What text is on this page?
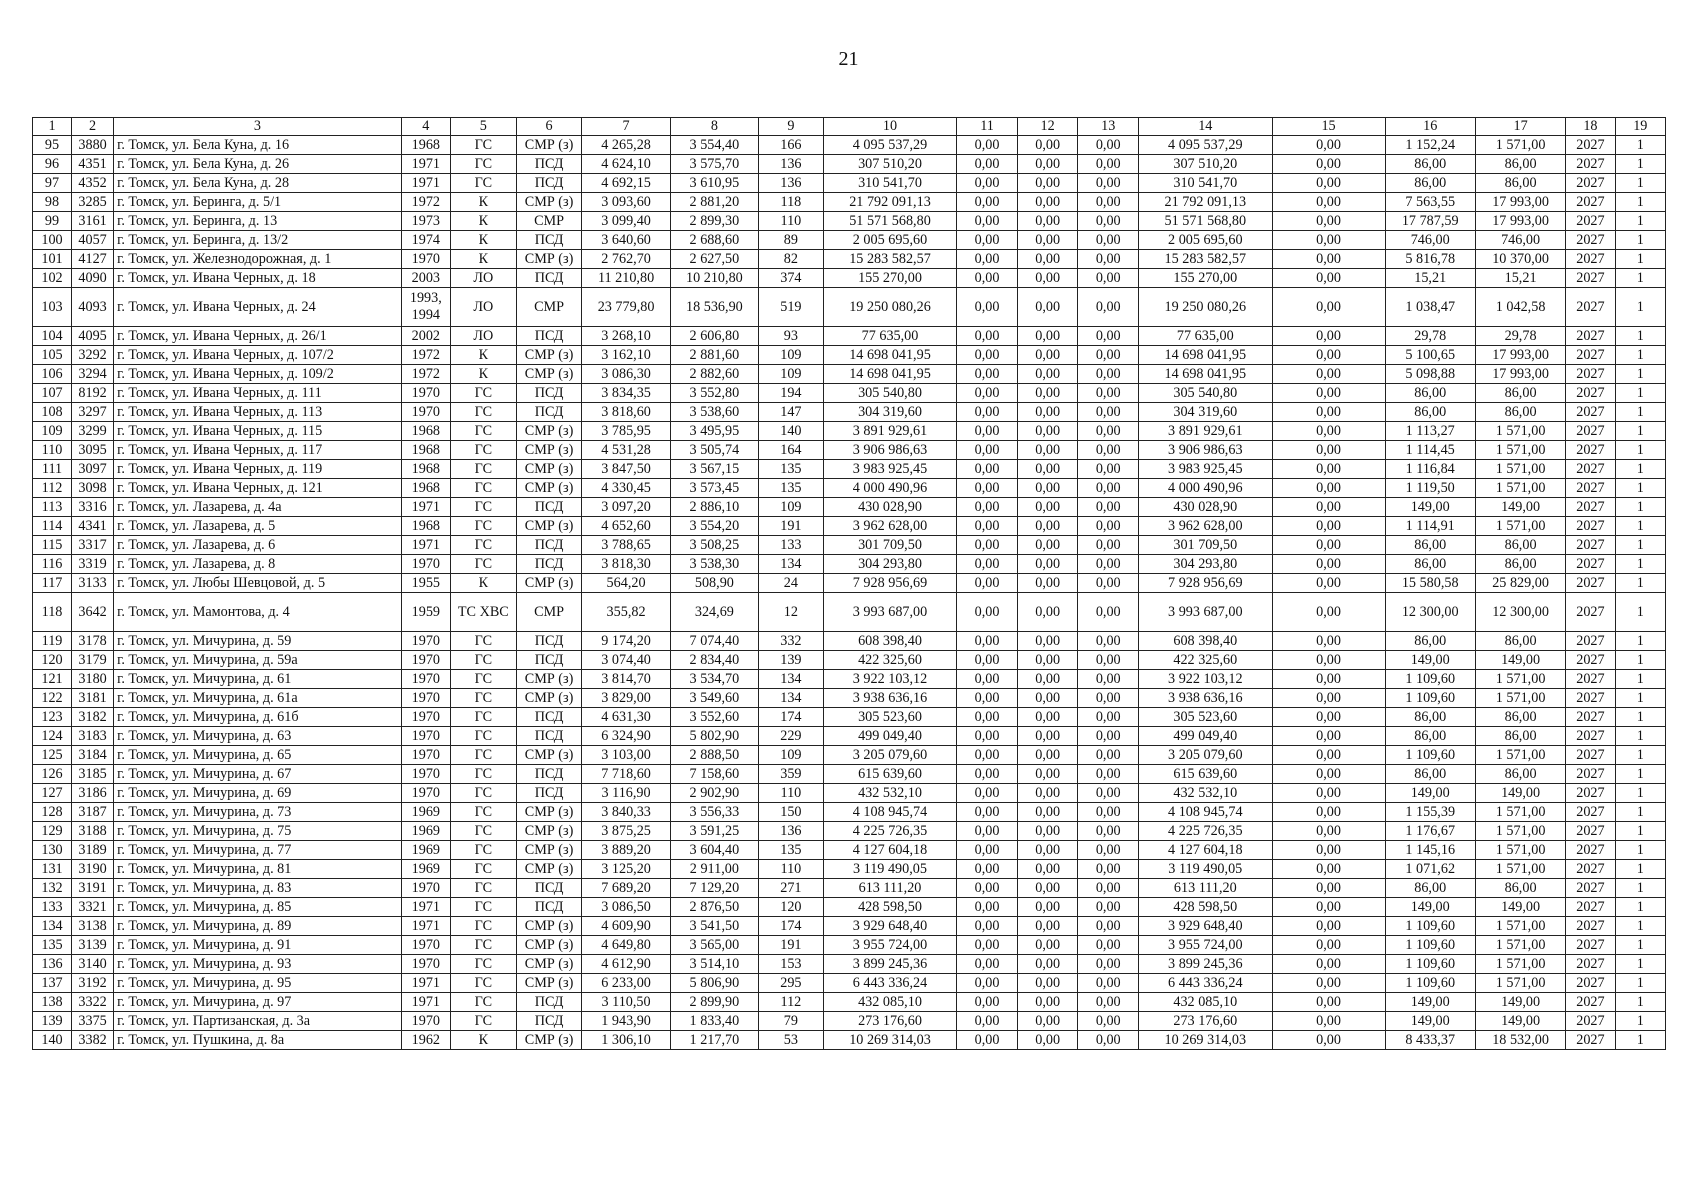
21
1	2	3	4	5	6	7	8	9	10	11	12	13	14	15	16	17	18	19
95	3880	г. Томск, ул. Бела Куна, д. 16	1968	ГС	СМР (з)	4 265,28	3 554,40	166	4 095 537,29	0,00	0,00	0,00	4 095 537,29	0,00	1 152,24	1 571,00	2027	1
96	4351	г. Томск, ул. Бела Куна, д. 26	1971	ГС	ПСД	4 624,10	3 575,70	136	307 510,20	0,00	0,00	0,00	307 510,20	0,00	86,00	86,00	2027	1
97	4352	г. Томск, ул. Бела Куна, д. 28	1971	ГС	ПСД	4 692,15	3 610,95	136	310 541,70	0,00	0,00	0,00	310 541,70	0,00	86,00	86,00	2027	1
98	3285	г. Томск, ул. Беринга, д. 5/1	1972	К	СМР (з)	3 093,60	2 881,20	118	21 792 091,13	0,00	0,00	0,00	21 792 091,13	0,00	7 563,55	17 993,00	2027	1
99	3161	г. Томск, ул. Беринга, д. 13	1973	К	СМР	3 099,40	2 899,30	110	51 571 568,80	0,00	0,00	0,00	51 571 568,80	0,00	17 787,59	17 993,00	2027	1
100	4057	г. Томск, ул. Беринга, д. 13/2	1974	К	ПСД	3 640,60	2 688,60	89	2 005 695,60	0,00	0,00	0,00	2 005 695,60	0,00	746,00	746,00	2027	1
101	4127	г. Томск, ул. Железнодорожная, д. 1	1970	К	СМР (з)	2 762,70	2 627,50	82	15 283 582,57	0,00	0,00	0,00	15 283 582,57	0,00	5 816,78	10 370,00	2027	1
102	4090	г. Томск, ул. Ивана Черных, д. 18	2003	ЛО	ПСД	11 210,80	10 210,80	374	155 270,00	0,00	0,00	0,00	155 270,00	0,00	15,21	15,21	2027	1
103	4093	г. Томск, ул. Ивана Черных, д. 24	1993, 1994	ЛО	СМР	23 779,80	18 536,90	519	19 250 080,26	0,00	0,00	0,00	19 250 080,26	0,00	1 038,47	1 042,58	2027	1
104	4095	г. Томск, ул. Ивана Черных, д. 26/1	2002	ЛО	ПСД	3 268,10	2 606,80	93	77 635,00	0,00	0,00	0,00	77 635,00	0,00	29,78	29,78	2027	1
105	3292	г. Томск, ул. Ивана Черных, д. 107/2	1972	К	СМР (з)	3 162,10	2 881,60	109	14 698 041,95	0,00	0,00	0,00	14 698 041,95	0,00	5 100,65	17 993,00	2027	1
106	3294	г. Томск, ул. Ивана Черных, д. 109/2	1972	К	СМР (з)	3 086,30	2 882,60	109	14 698 041,95	0,00	0,00	0,00	14 698 041,95	0,00	5 098,88	17 993,00	2027	1
107	8192	г. Томск, ул. Ивана Черных, д. 111	1970	ГС	ПСД	3 834,35	3 552,80	194	305 540,80	0,00	0,00	0,00	305 540,80	0,00	86,00	86,00	2027	1
108	3297	г. Томск, ул. Ивана Черных, д. 113	1970	ГС	ПСД	3 818,60	3 538,60	147	304 319,60	0,00	0,00	0,00	304 319,60	0,00	86,00	86,00	2027	1
109	3299	г. Томск, ул. Ивана Черных, д. 115	1968	ГС	СМР (з)	3 785,95	3 495,95	140	3 891 929,61	0,00	0,00	0,00	3 891 929,61	0,00	1 113,27	1 571,00	2027	1
110	3095	г. Томск, ул. Ивана Черных, д. 117	1968	ГС	СМР (з)	4 531,28	3 505,74	164	3 906 986,63	0,00	0,00	0,00	3 906 986,63	0,00	1 114,45	1 571,00	2027	1
111	3097	г. Томск, ул. Ивана Черных, д. 119	1968	ГС	СМР (з)	3 847,50	3 567,15	135	3 983 925,45	0,00	0,00	0,00	3 983 925,45	0,00	1 116,84	1 571,00	2027	1
112	3098	г. Томск, ул. Ивана Черных, д. 121	1968	ГС	СМР (з)	4 330,45	3 573,45	135	4 000 490,96	0,00	0,00	0,00	4 000 490,96	0,00	1 119,50	1 571,00	2027	1
113	3316	г. Томск, ул. Лазарева, д. 4а	1971	ГС	ПСД	3 097,20	2 886,10	109	430 028,90	0,00	0,00	0,00	430 028,90	0,00	149,00	149,00	2027	1
114	4341	г. Томск, ул. Лазарева, д. 5	1968	ГС	СМР (з)	4 652,60	3 554,20	191	3 962 628,00	0,00	0,00	0,00	3 962 628,00	0,00	1 114,91	1 571,00	2027	1
115	3317	г. Томск, ул. Лазарева, д. 6	1971	ГС	ПСД	3 788,65	3 508,25	133	301 709,50	0,00	0,00	0,00	301 709,50	0,00	86,00	86,00	2027	1
116	3319	г. Томск, ул. Лазарева, д. 8	1970	ГС	ПСД	3 818,30	3 538,30	134	304 293,80	0,00	0,00	0,00	304 293,80	0,00	86,00	86,00	2027	1
117	3133	г. Томск, ул. Любы Шевцовой, д. 5	1955	К	СМР (з)	564,20	508,90	24	7 928 956,69	0,00	0,00	0,00	7 928 956,69	0,00	15 580,58	25 829,00	2027	1
118	3642	г. Томск, ул. Мамонтова, д. 4	1959	ТС ХВС	СМР	355,82	324,69	12	3 993 687,00	0,00	0,00	0,00	3 993 687,00	0,00	12 300,00	12 300,00	2027	1
119	3178	г. Томск, ул. Мичурина, д. 59	1970	ГС	ПСД	9 174,20	7 074,40	332	608 398,40	0,00	0,00	0,00	608 398,40	0,00	86,00	86,00	2027	1
120	3179	г. Томск, ул. Мичурина, д. 59а	1970	ГС	ПСД	3 074,40	2 834,40	139	422 325,60	0,00	0,00	0,00	422 325,60	0,00	149,00	149,00	2027	1
121	3180	г. Томск, ул. Мичурина, д. 61	1970	ГС	СМР (з)	3 814,70	3 534,70	134	3 922 103,12	0,00	0,00	0,00	3 922 103,12	0,00	1 109,60	1 571,00	2027	1
122	3181	г. Томск, ул. Мичурина, д. 61а	1970	ГС	СМР (з)	3 829,00	3 549,60	134	3 938 636,16	0,00	0,00	0,00	3 938 636,16	0,00	1 109,60	1 571,00	2027	1
123	3182	г. Томск, ул. Мичурина, д. 61б	1970	ГС	ПСД	4 631,30	3 552,60	174	305 523,60	0,00	0,00	0,00	305 523,60	0,00	86,00	86,00	2027	1
124	3183	г. Томск, ул. Мичурина, д. 63	1970	ГС	ПСД	6 324,90	5 802,90	229	499 049,40	0,00	0,00	0,00	499 049,40	0,00	86,00	86,00	2027	1
125	3184	г. Томск, ул. Мичурина, д. 65	1970	ГС	СМР (з)	3 103,00	2 888,50	109	3 205 079,60	0,00	0,00	0,00	3 205 079,60	0,00	1 109,60	1 571,00	2027	1
126	3185	г. Томск, ул. Мичурина, д. 67	1970	ГС	ПСД	7 718,60	7 158,60	359	615 639,60	0,00	0,00	0,00	615 639,60	0,00	86,00	86,00	2027	1
127	3186	г. Томск, ул. Мичурина, д. 69	1970	ГС	ПСД	3 116,90	2 902,90	110	432 532,10	0,00	0,00	0,00	432 532,10	0,00	149,00	149,00	2027	1
128	3187	г. Томск, ул. Мичурина, д. 73	1969	ГС	СМР (з)	3 840,33	3 556,33	150	4 108 945,74	0,00	0,00	0,00	4 108 945,74	0,00	1 155,39	1 571,00	2027	1
129	3188	г. Томск, ул. Мичурина, д. 75	1969	ГС	СМР (з)	3 875,25	3 591,25	136	4 225 726,35	0,00	0,00	0,00	4 225 726,35	0,00	1 176,67	1 571,00	2027	1
130	3189	г. Томск, ул. Мичурина, д. 77	1969	ГС	СМР (з)	3 889,20	3 604,40	135	4 127 604,18	0,00	0,00	0,00	4 127 604,18	0,00	1 145,16	1 571,00	2027	1
131	3190	г. Томск, ул. Мичурина, д. 81	1969	ГС	СМР (з)	3 125,20	2 911,00	110	3 119 490,05	0,00	0,00	0,00	3 119 490,05	0,00	1 071,62	1 571,00	2027	1
132	3191	г. Томск, ул. Мичурина, д. 83	1970	ГС	ПСД	7 689,20	7 129,20	271	613 111,20	0,00	0,00	0,00	613 111,20	0,00	86,00	86,00	2027	1
133	3321	г. Томск, ул. Мичурина, д. 85	1971	ГС	ПСД	3 086,50	2 876,50	120	428 598,50	0,00	0,00	0,00	428 598,50	0,00	149,00	149,00	2027	1
134	3138	г. Томск, ул. Мичурина, д. 89	1971	ГС	СМР (з)	4 609,90	3 541,50	174	3 929 648,40	0,00	0,00	0,00	3 929 648,40	0,00	1 109,60	1 571,00	2027	1
135	3139	г. Томск, ул. Мичурина, д. 91	1970	ГС	СМР (з)	4 649,80	3 565,00	191	3 955 724,00	0,00	0,00	0,00	3 955 724,00	0,00	1 109,60	1 571,00	2027	1
136	3140	г. Томск, ул. Мичурина, д. 93	1970	ГС	СМР (з)	4 612,90	3 514,10	153	3 899 245,36	0,00	0,00	0,00	3 899 245,36	0,00	1 109,60	1 571,00	2027	1
137	3192	г. Томск, ул. Мичурина, д. 95	1971	ГС	СМР (з)	6 233,00	5 806,90	295	6 443 336,24	0,00	0,00	0,00	6 443 336,24	0,00	1 109,60	1 571,00	2027	1
138	3322	г. Томск, ул. Мичурина, д. 97	1971	ГС	ПСД	3 110,50	2 899,90	112	432 085,10	0,00	0,00	0,00	432 085,10	0,00	149,00	149,00	2027	1
139	3375	г. Томск, ул. Партизанская, д. 3а	1970	ГС	ПСД	1 943,90	1 833,40	79	273 176,60	0,00	0,00	0,00	273 176,60	0,00	149,00	149,00	2027	1
140	3382	г. Томск, ул. Пушкина, д. 8а	1962	К	СМР (з)	1 306,10	1 217,70	53	10 269 314,03	0,00	0,00	0,00	10 269 314,03	0,00	8 433,37	18 532,00	2027	1
